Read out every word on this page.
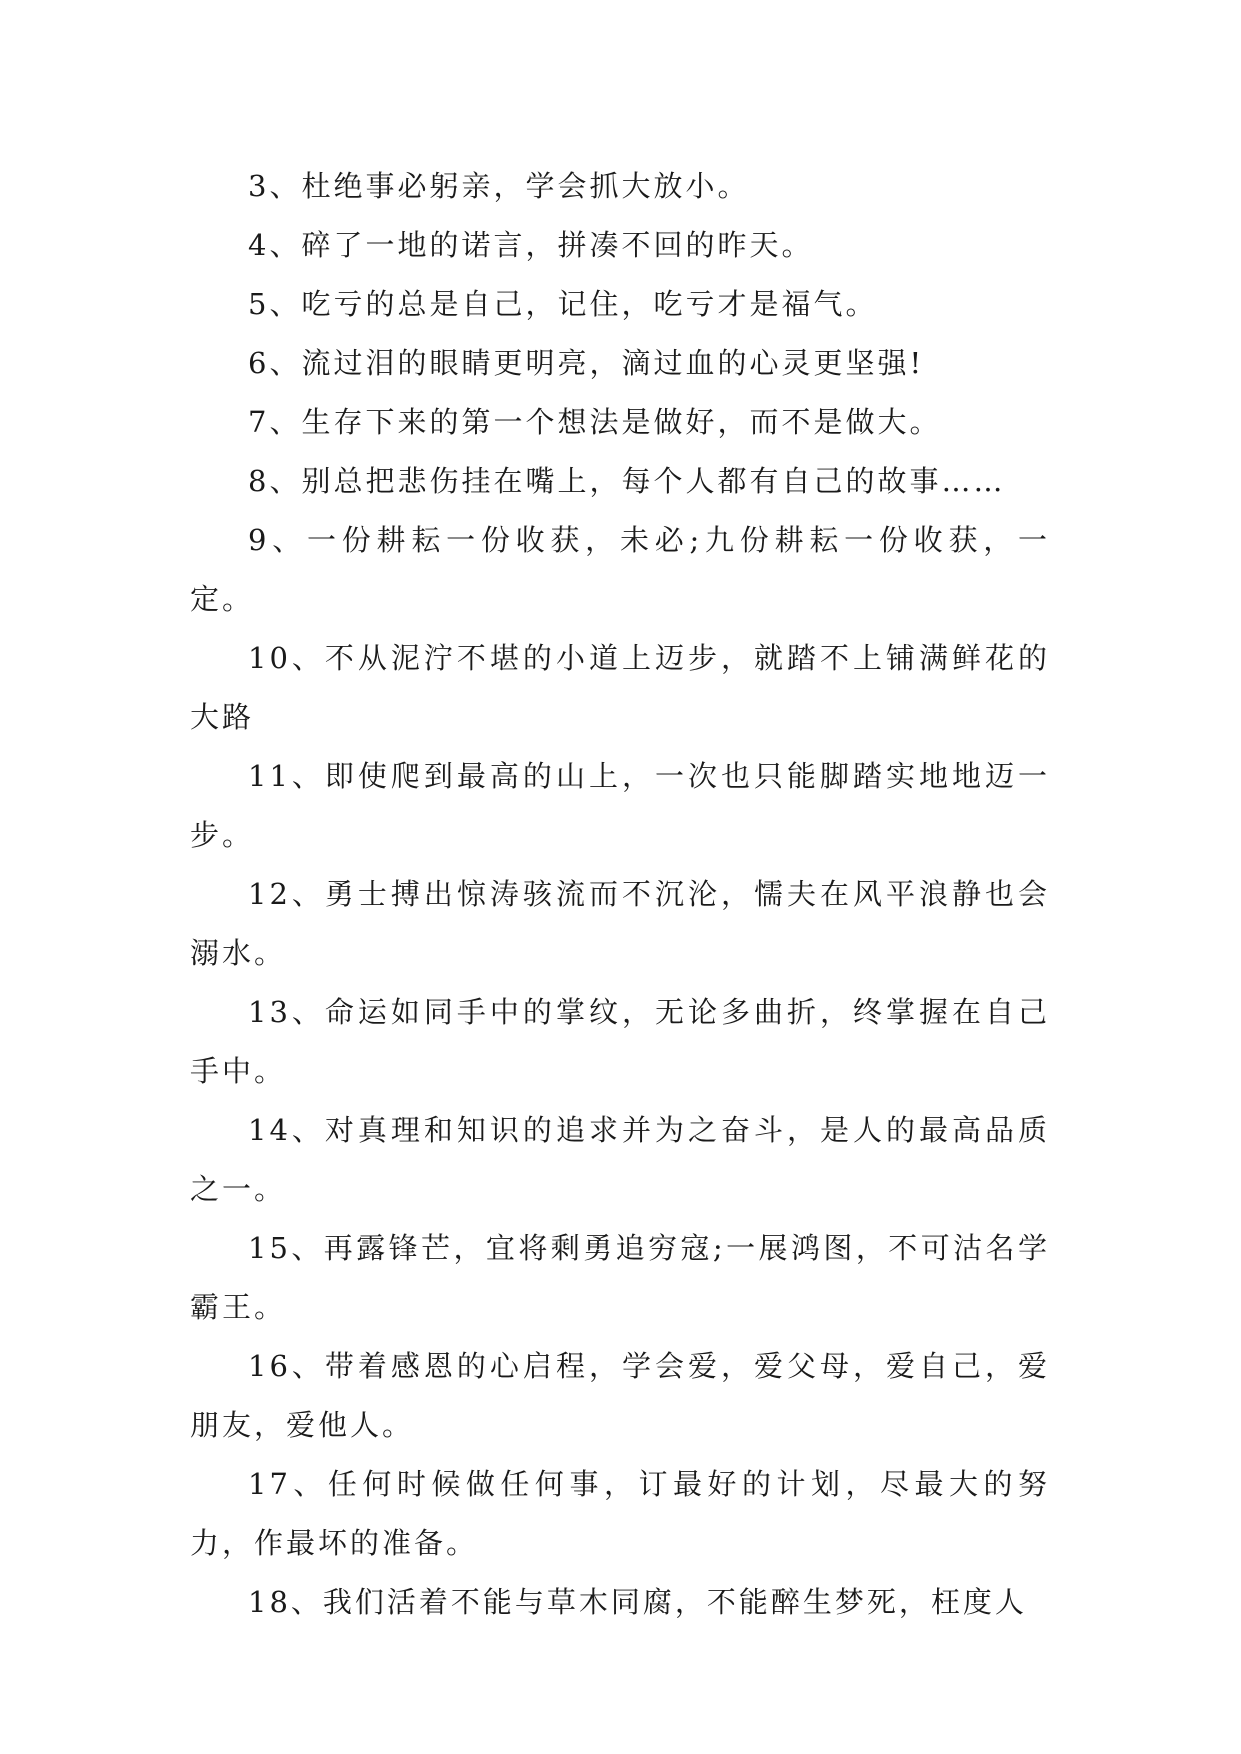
3、杜绝事必躬亲，学会抓大放小。

4、碎了一地的诺言，拼凑不回的昨天。

5、吃亏的总是自己，记住，吃亏才是福气。

6、流过泪的眼睛更明亮，滴过血的心灵更坚强!

7、生存下来的第一个想法是做好，而不是做大。

8、别总把悲伤挂在嘴上，每个人都有自己的故事……

9、一份耕耘一份收获，未必;九份耕耘一份收获，一定。

10、不从泥泞不堪的小道上迈步，就踏不上铺满鲜花的大路

11、即使爬到最高的山上，一次也只能脚踏实地地迈一步。

12、勇士搏出惊涛骇流而不沉沦，懦夫在风平浪静也会溺水。

13、命运如同手中的掌纹，无论多曲折，终掌握在自己手中。

14、对真理和知识的追求并为之奋斗，是人的最高品质之一。

15、再露锋芒，宜将剩勇追穷寇;一展鸿图，不可沽名学霸王。

16、带着感恩的心启程，学会爱，爱父母，爱自己，爱朋友，爱他人。

17、任何时候做任何事，订最好的计划，尽最大的努力，作最坏的准备。

18、我们活着不能与草木同腐，不能醉生梦死，枉度人
